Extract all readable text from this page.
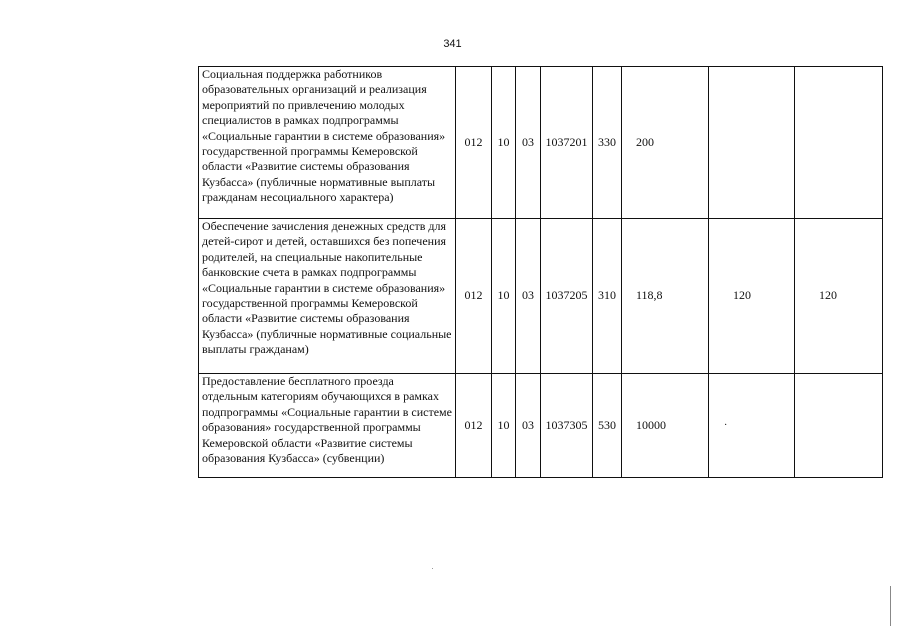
341
Социальная поддержка работников образовательных организаций и реализация мероприятий по привлечению молодых специалистов в рамках подпрограммы «Социальные гарантии в системе образования» государственной программы Кемеровской области «Развитие системы образования Кузбасса» (публичные нормативные выплаты гражданам несоциального характера)	012	10	03	1037201	330	200		
Обеспечение зачисления денежных средств для детей-сирот и детей, оставшихся без попечения родителей, на специальные накопительные банковские счета в рамках подпрограммы «Социальные гарантии в системе образования» государственной программы Кемеровской области «Развитие системы образования Кузбасса» (публичные нормативные социальные выплаты гражданам)	012	10	03	1037205	310	118,8	120	120
Предоставление бесплатного проезда отдельным категориям обучающихся в рамках подпрограммы «Социальные гарантии в системе образования» государственной программы Кемеровской области «Развитие системы образования Кузбасса» (субвенции)	012	10	03	1037305	530	10000			·
